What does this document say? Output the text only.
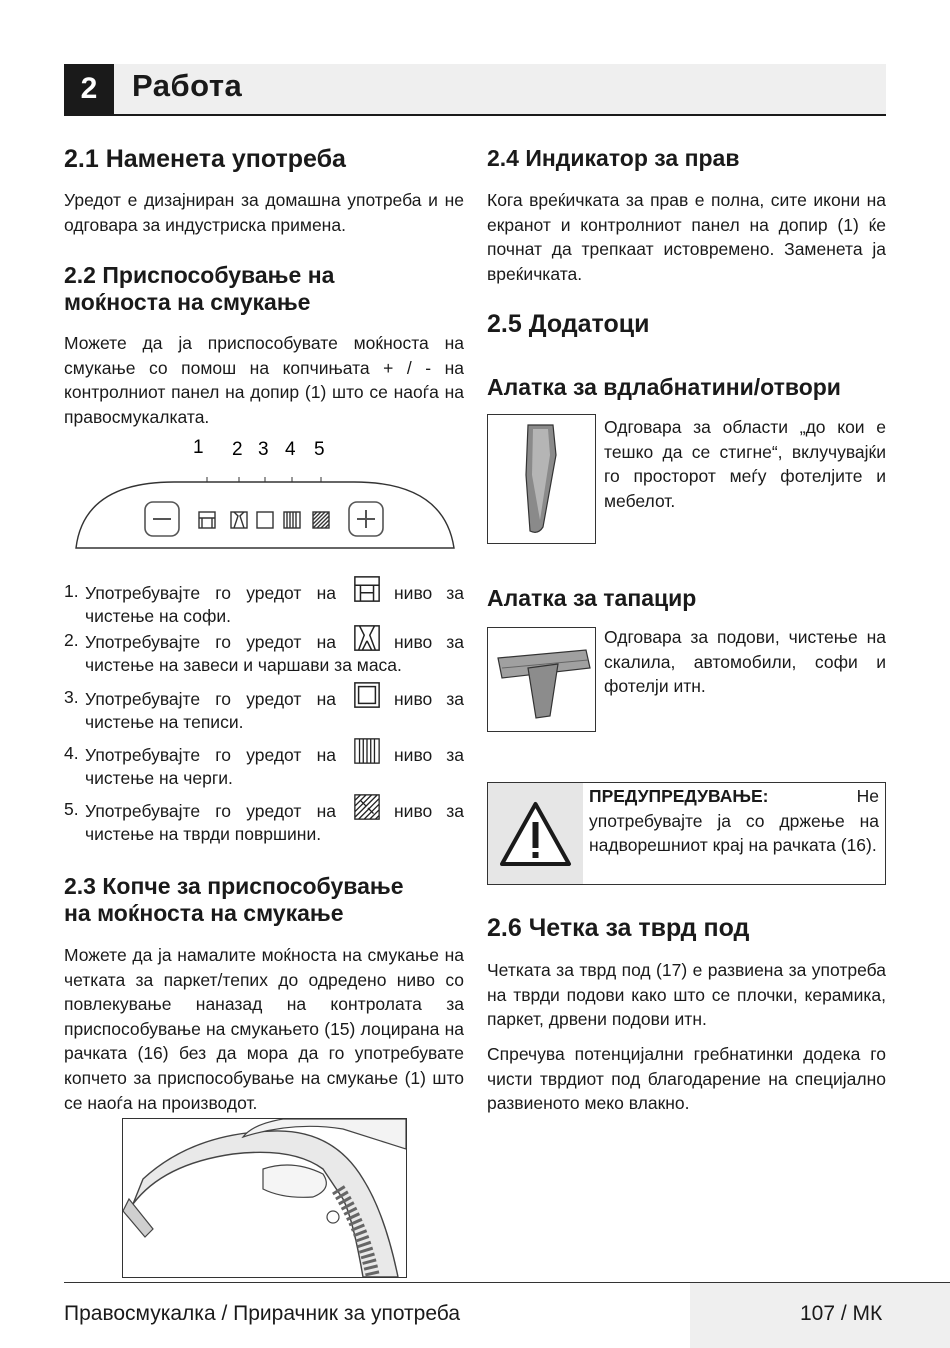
2	Работа
2.1 Наменета употреба

Уредот е дизајниран за домашна употреба и не одговара за индустриска примена.

2.2 Приспособување на
моќноста на смукање

Можете да ја приспособувате моќноста на смукање со помош на копчињата + / - на контролниот панел на допир (1) што се наоѓа на правосмукалката.

1 2 3 4 5
1. Употребувајте го уредот на	ниво за
чистење на софи.
2. Употребувајте го уредот на	ниво за
чистење на завеси и чаршави за маса.
3. Употребувајте го уредот на	ниво за
чистење на теписи.
4. Употребувајте го уредот на	ниво за
чистење на черги.
5. Употребувајте го уредот на	ниво за
чистење на тврди површини.
2.3 Копче за приспособување
на моќноста на смукање

Можете да ја намалите моќноста на смукање на четката за паркет/тепих до одредено ниво со повлекување наназад на контролата за приспособување на смукањето (15) лоцирана на рачката (16) без да мора да го употребувате копчето за приспособување на смукање (1) што се наоѓа на производот.

2.4 Индикатор за прав

Кога вреќичката за прав е полна, сите икони на екранот и контролниот панел на допир (1) ќе почнат да трепкаат истовремено. Заменета ја вреќичката.

2.5 Додатоци
Алатка за вдлабнатини/отвори

Одговара за области „до кои е тешко да се стигне“, вклучувајќи го просторот меѓу фотелјите и мебелот.

Алатка за тапацир

Одговара за подови, чистење на скалила, автомобили, софи и фотелји итн.

ПРЕДУПРЕДУВАЊЕ:	Не

употребувајте ја со држење на надворешниот крај на рачката (16).

2.6 Четка за тврд под

Четката за тврд под (17) е развиена за употреба на тврди подови како што се плочки, керамика, паркет, дрвени подови итн.

Спречува потенцијални гребнатинки додека го чисти тврдиот под благодарение на специјално развиеното меко влакно.

Правосмукалка / Прирачник за употреба	107 / МК
